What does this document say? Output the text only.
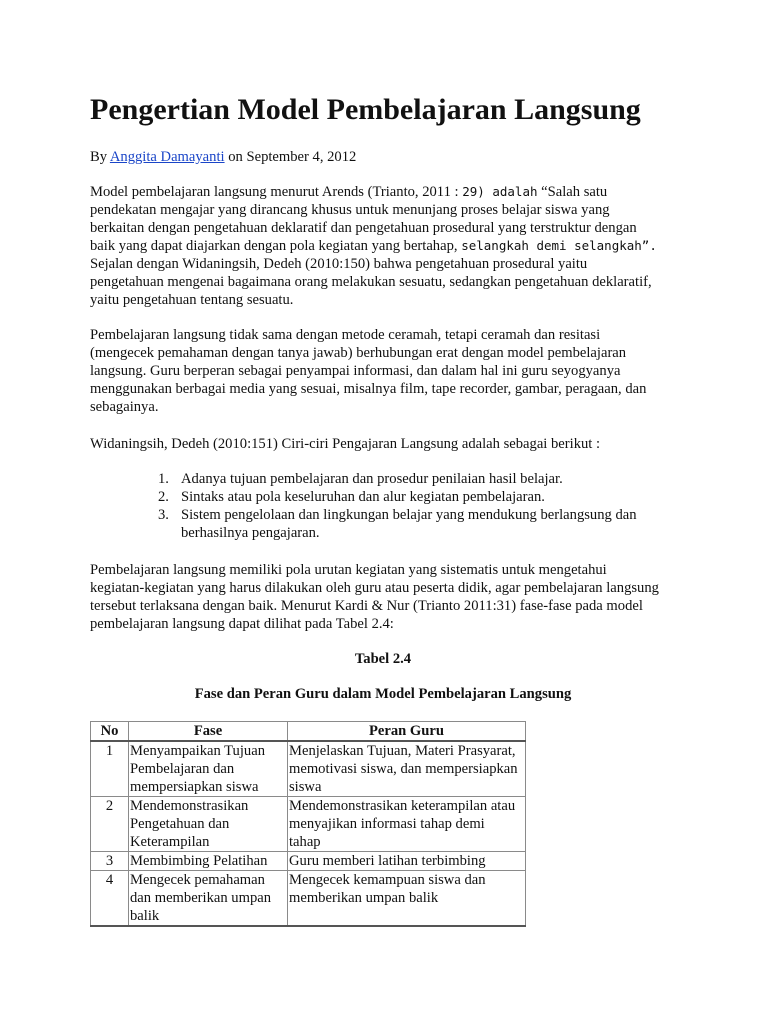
Pengertian Model Pembelajaran Langsung
By Anggita Damayanti on September 4, 2012
Model pembelajaran langsung menurut Arends (Trianto, 2011 : 29) adalah “Salah satu
pendekatan mengajar yang dirancang khusus untuk menunjang proses belajar siswa yang
berkaitan dengan pengetahuan deklaratif dan pengetahuan prosedural yang terstruktur dengan
baik yang dapat diajarkan dengan pola kegiatan yang bertahap, selangkah demi selangkah”.
Sejalan dengan Widaningsih, Dedeh (2010:150) bahwa pengetahuan prosedural yaitu
pengetahuan mengenai bagaimana orang melakukan sesuatu, sedangkan pengetahuan deklaratif,
yaitu pengetahuan tentang sesuatu.
Pembelajaran langsung tidak sama dengan metode ceramah, tetapi ceramah dan resitasi
(mengecek pemahaman dengan tanya jawab) berhubungan erat dengan model pembelajaran
langsung. Guru berperan sebagai penyampai informasi, dan dalam hal ini guru seyogyanya
menggunakan berbagai media yang sesuai, misalnya film, tape recorder, gambar, peragaan, dan
sebagainya.
Widaningsih, Dedeh (2010:151) Ciri-ciri Pengajaran Langsung adalah sebagai berikut :
1. Adanya tujuan pembelajaran dan prosedur penilaian hasil belajar.
2. Sintaks atau pola keseluruhan dan alur kegiatan pembelajaran.
3. Sistem pengelolaan dan lingkungan belajar yang mendukung berlangsung dan
berhasilnya pengajaran.
Pembelajaran langsung memiliki pola urutan kegiatan yang sistematis untuk mengetahui
kegiatan-kegiatan yang harus dilakukan oleh guru atau peserta didik, agar pembelajaran langsung
tersebut terlaksana dengan baik. Menurut Kardi & Nur (Trianto 2011:31) fase-fase pada model
pembelajaran langsung dapat dilihat pada Tabel 2.4:
Tabel 2.4
Fase dan Peran Guru dalam Model Pembelajaran Langsung
No	Fase	Peran Guru
1	Menyampaikan Tujuan
Pembelajaran dan
mempersiapkan siswa	Menjelaskan Tujuan, Materi Prasyarat,
memotivasi siswa, dan mempersiapkan
siswa

2	Mendemonstrasikan
Pengetahuan dan
Keterampilan	Mendemonstrasikan keterampilan atau
menyajikan informasi tahap demi
tahap

3	Membimbing Pelatihan	Guru memberi latihan terbimbing

4	Mengecek pemahaman
dan memberikan umpan
balik	Mengecek kemampuan siswa dan
memberikan umpan balik
